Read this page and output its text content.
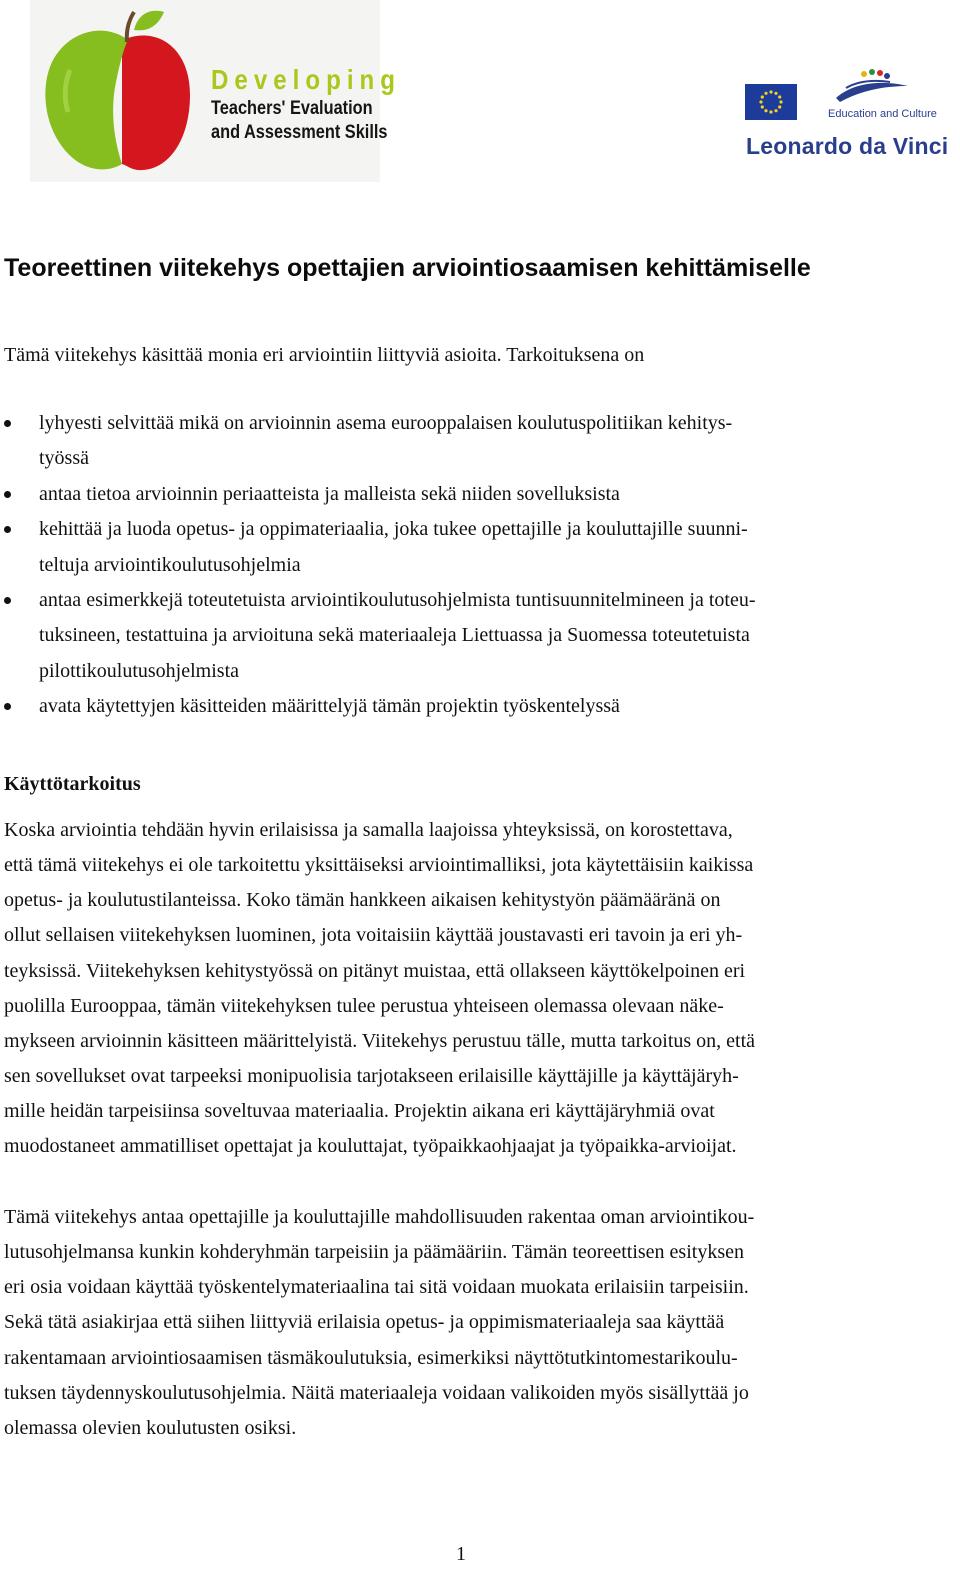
Developing
Teachers' Evaluation
and Assessment Skills
Education and Culture
Leonardo da Vinci
Teoreettinen viitekehys opettajien arviointiosaamisen kehittämiselle
Tämä viitekehys käsittää monia eri arviointiin liittyviä asioita. Tarkoituksena on
lyhyesti selvittää mikä on arvioinnin asema eurooppalaisen koulutuspolitiikan kehitys-
työssä
antaa tietoa arvioinnin periaatteista ja malleista sekä niiden sovelluksista
kehittää ja luoda opetus- ja oppimateriaalia, joka tukee opettajille ja kouluttajille suunni-
teltuja arviointikoulutusohjelmia
antaa esimerkkejä toteutetuista arviointikoulutusohjelmista tuntisuunnitelmineen ja toteu-
tuksineen, testattuina ja arvioituna sekä materiaaleja Liettuassa ja Suomessa toteutetuista
pilottikoulutusohjelmista
avata käytettyjen käsitteiden määrittelyjä tämän projektin työskentelyssä
Käyttötarkoitus
Koska arviointia tehdään hyvin erilaisissa ja samalla laajoissa yhteyksissä, on korostettava,
että tämä viitekehys ei ole tarkoitettu yksittäiseksi arviointimalliksi, jota käytettäisiin kaikissa
opetus- ja koulutustilanteissa. Koko tämän hankkeen aikaisen kehitystyön päämääränä on
ollut sellaisen viitekehyksen luominen, jota voitaisiin käyttää joustavasti eri tavoin ja eri yh-
teyksissä. Viitekehyksen kehitystyössä on pitänyt muistaa, että ollakseen käyttökelpoinen eri
puolilla Eurooppaa, tämän viitekehyksen tulee perustua yhteiseen olemassa olevaan näke-
mykseen arvioinnin käsitteen määrittelyistä. Viitekehys perustuu tälle, mutta tarkoitus on, että
sen sovellukset ovat tarpeeksi monipuolisia tarjotakseen erilaisille käyttäjille ja käyttäjäryh-
mille heidän tarpeisiinsa soveltuvaa materiaalia. Projektin aikana eri käyttäjäryhmiä ovat
muodostaneet ammatilliset opettajat ja kouluttajat, työpaikkaohjaajat ja työpaikka-arvioijat.
Tämä viitekehys antaa opettajille ja kouluttajille mahdollisuuden rakentaa oman arviointikou-
lutusohjelmansa kunkin kohderyhmän tarpeisiin ja päämääriin. Tämän teoreettisen esityksen
eri osia voidaan käyttää työskentelymateriaalina tai sitä voidaan muokata erilaisiin tarpeisiin.
Sekä tätä asiakirjaa että siihen liittyviä erilaisia opetus- ja oppimismateriaaleja saa käyttää
rakentamaan arviointiosaamisen täsmäkoulutuksia, esimerkiksi näyttötutkintomestarikoulu-
tuksen täydennyskoulutusohjelmia. Näitä materiaaleja voidaan valikoiden myös sisällyttää jo
olemassa olevien koulutusten osiksi.
1
